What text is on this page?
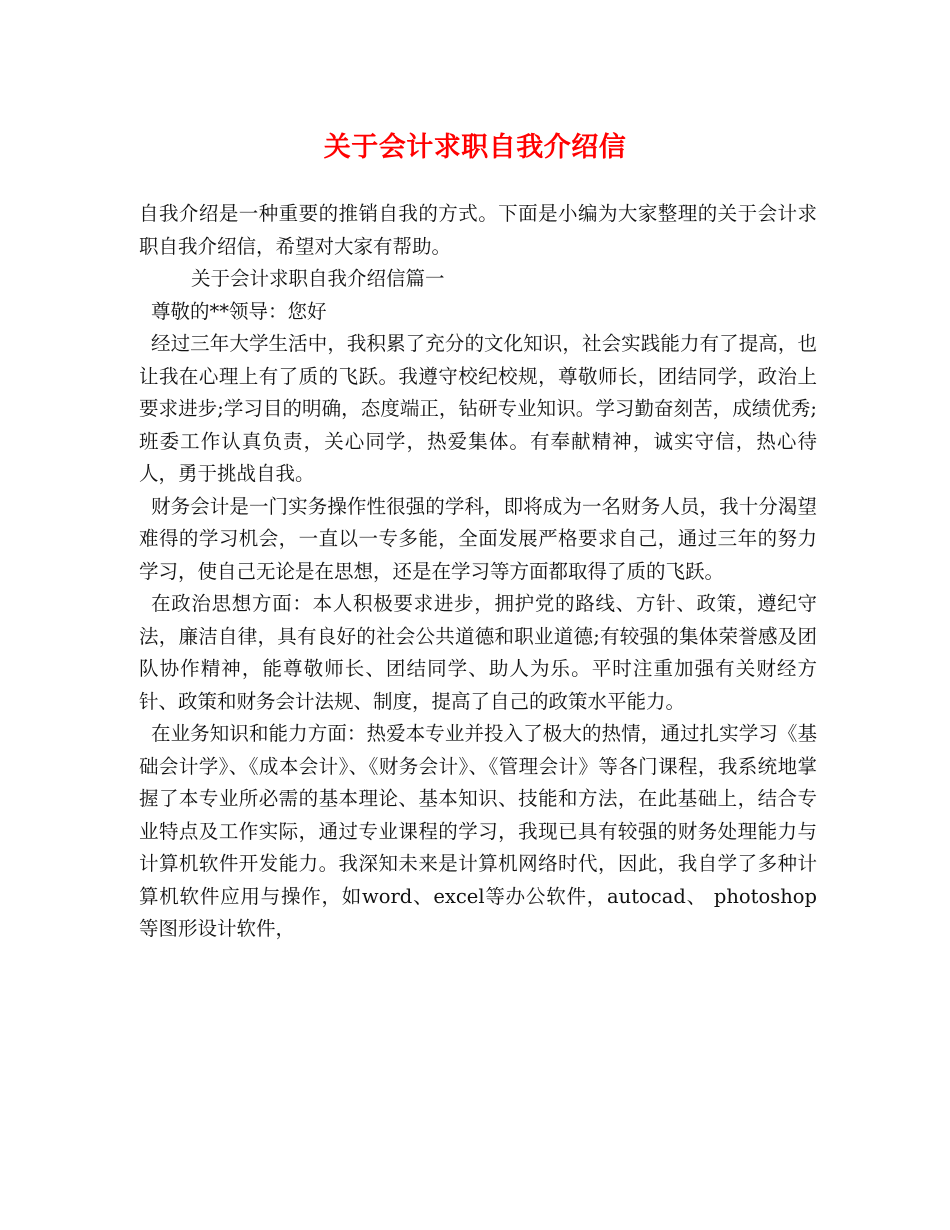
关于会计求职自我介绍信

自我介绍是一种重要的推销自我的方式。下面是小编为大家整理的关于会计求职自我介绍信，希望对大家有帮助。

关于会计求职自我介绍信篇一

尊敬的**领导：您好

经过三年大学生活中，我积累了充分的文化知识，社会实践能力有了提高，也让我在心理上有了质的飞跃。我遵守校纪校规，尊敬师长，团结同学，政治上要求进步;学习目的明确，态度端正，钻研专业知识。学习勤奋刻苦，成绩优秀;班委工作认真负责，关心同学，热爱集体。有奉献精神，诚实守信，热心待人，勇于挑战自我。

财务会计是一门实务操作性很强的学科，即将成为一名财务人员，我十分渴望难得的学习机会，一直以一专多能，全面发展严格要求自己，通过三年的努力学习，使自己无论是在思想，还是在学习等方面都取得了质的飞跃。

在政治思想方面：本人积极要求进步，拥护党的路线、方针、政策，遵纪守法，廉洁自律，具有良好的社会公共道德和职业道德;有较强的集体荣誉感及团队协作精神，能尊敬师长、团结同学、助人为乐。平时注重加强有关财经方针、政策和财务会计法规、制度，提高了自己的政策水平能力。

在业务知识和能力方面：热爱本专业并投入了极大的热情，通过扎实学习《基础会计学》、《成本会计》、《财务会计》、《管理会计》等各门课程，我系统地掌握了本专业所必需的基本理论、基本知识、技能和方法，在此基础上，结合专业特点及工作实际，通过专业课程的学习，我现已具有较强的财务处理能力与计算机软件开发能力。我深知未来是计算机网络时代，因此，我自学了多种计算机软件应用与操作，如word、excel等办公软件，autocad、 photoshop等图形设计软件，
